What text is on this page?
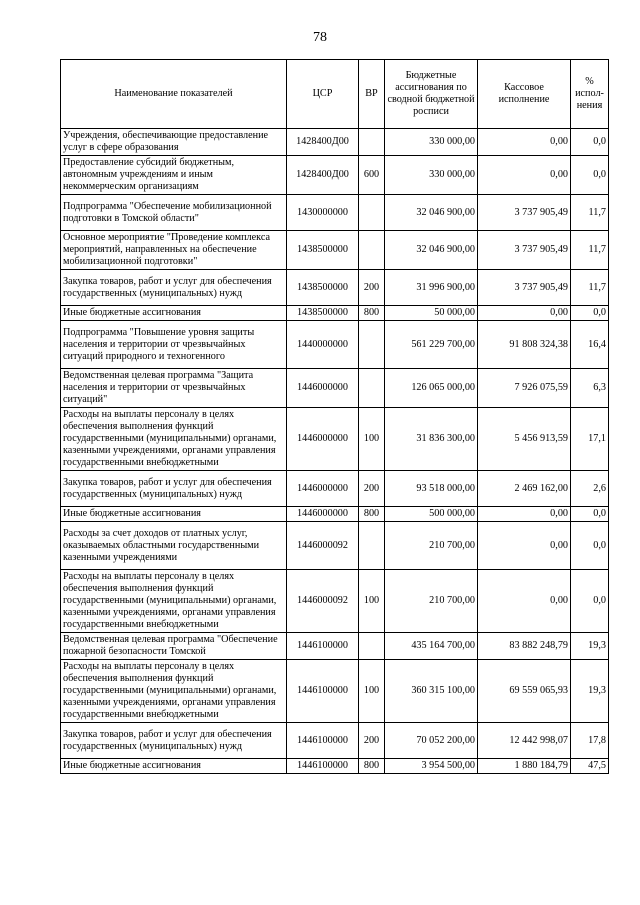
78
Наименование показателей	ЦСР	ВР	Бюджетные ассигнования по сводной бюджетной росписи	Кассовое исполнение	% испол-нения
Учреждения, обеспечивающие предоставление услуг в сфере образования	1428400Д00		330 000,00	0,00	0,0
Предоставление субсидий бюджетным, автономным учреждениям и иным некоммерческим организациям	1428400Д00	600	330 000,00	0,00	0,0
Подпрограмма "Обеспечение мобилизационной подготовки в Томской области"	1430000000		32 046 900,00	3 737 905,49	11,7
Основное мероприятие "Проведение комплекса мероприятий, направленных на обеспечение мобилизационной подготовки"	1438500000		32 046 900,00	3 737 905,49	11,7
Закупка товаров, работ и услуг для обеспечения государственных (муниципальных) нужд	1438500000	200	31 996 900,00	3 737 905,49	11,7
Иные бюджетные ассигнования	1438500000	800	50 000,00	0,00	0,0
Подпрограмма "Повышение уровня защиты населения и территории от чрезвычайных ситуаций природного и техногенного	1440000000		561 229 700,00	91 808 324,38	16,4
Ведомственная целевая программа "Защита населения и территории от чрезвычайных ситуаций"	1446000000		126 065 000,00	7 926 075,59	6,3
Расходы на выплаты персоналу в целях обеспечения выполнения функций государственными (муниципальными) органами, казенными учреждениями, органами управления государственными внебюджетными	1446000000	100	31 836 300,00	5 456 913,59	17,1
Закупка товаров, работ и услуг для обеспечения государственных (муниципальных) нужд	1446000000	200	93 518 000,00	2 469 162,00	2,6
Иные бюджетные ассигнования	1446000000	800	500 000,00	0,00	0,0
Расходы за счет доходов от платных услуг, оказываемых областными государственными казенными учреждениями	1446000092		210 700,00	0,00	0,0
Расходы на выплаты персоналу в целях обеспечения выполнения функций государственными (муниципальными) органами, казенными учреждениями, органами управления государственными внебюджетными	1446000092	100	210 700,00	0,00	0,0
Ведомственная целевая программа "Обеспечение пожарной безопасности Томской	1446100000		435 164 700,00	83 882 248,79	19,3
Расходы на выплаты персоналу в целях обеспечения выполнения функций государственными (муниципальными) органами, казенными учреждениями, органами управления государственными внебюджетными	1446100000	100	360 315 100,00	69 559 065,93	19,3
Закупка товаров, работ и услуг для обеспечения государственных (муниципальных) нужд	1446100000	200	70 052 200,00	12 442 998,07	17,8
Иные бюджетные ассигнования	1446100000	800	3 954 500,00	1 880 184,79	47,5
